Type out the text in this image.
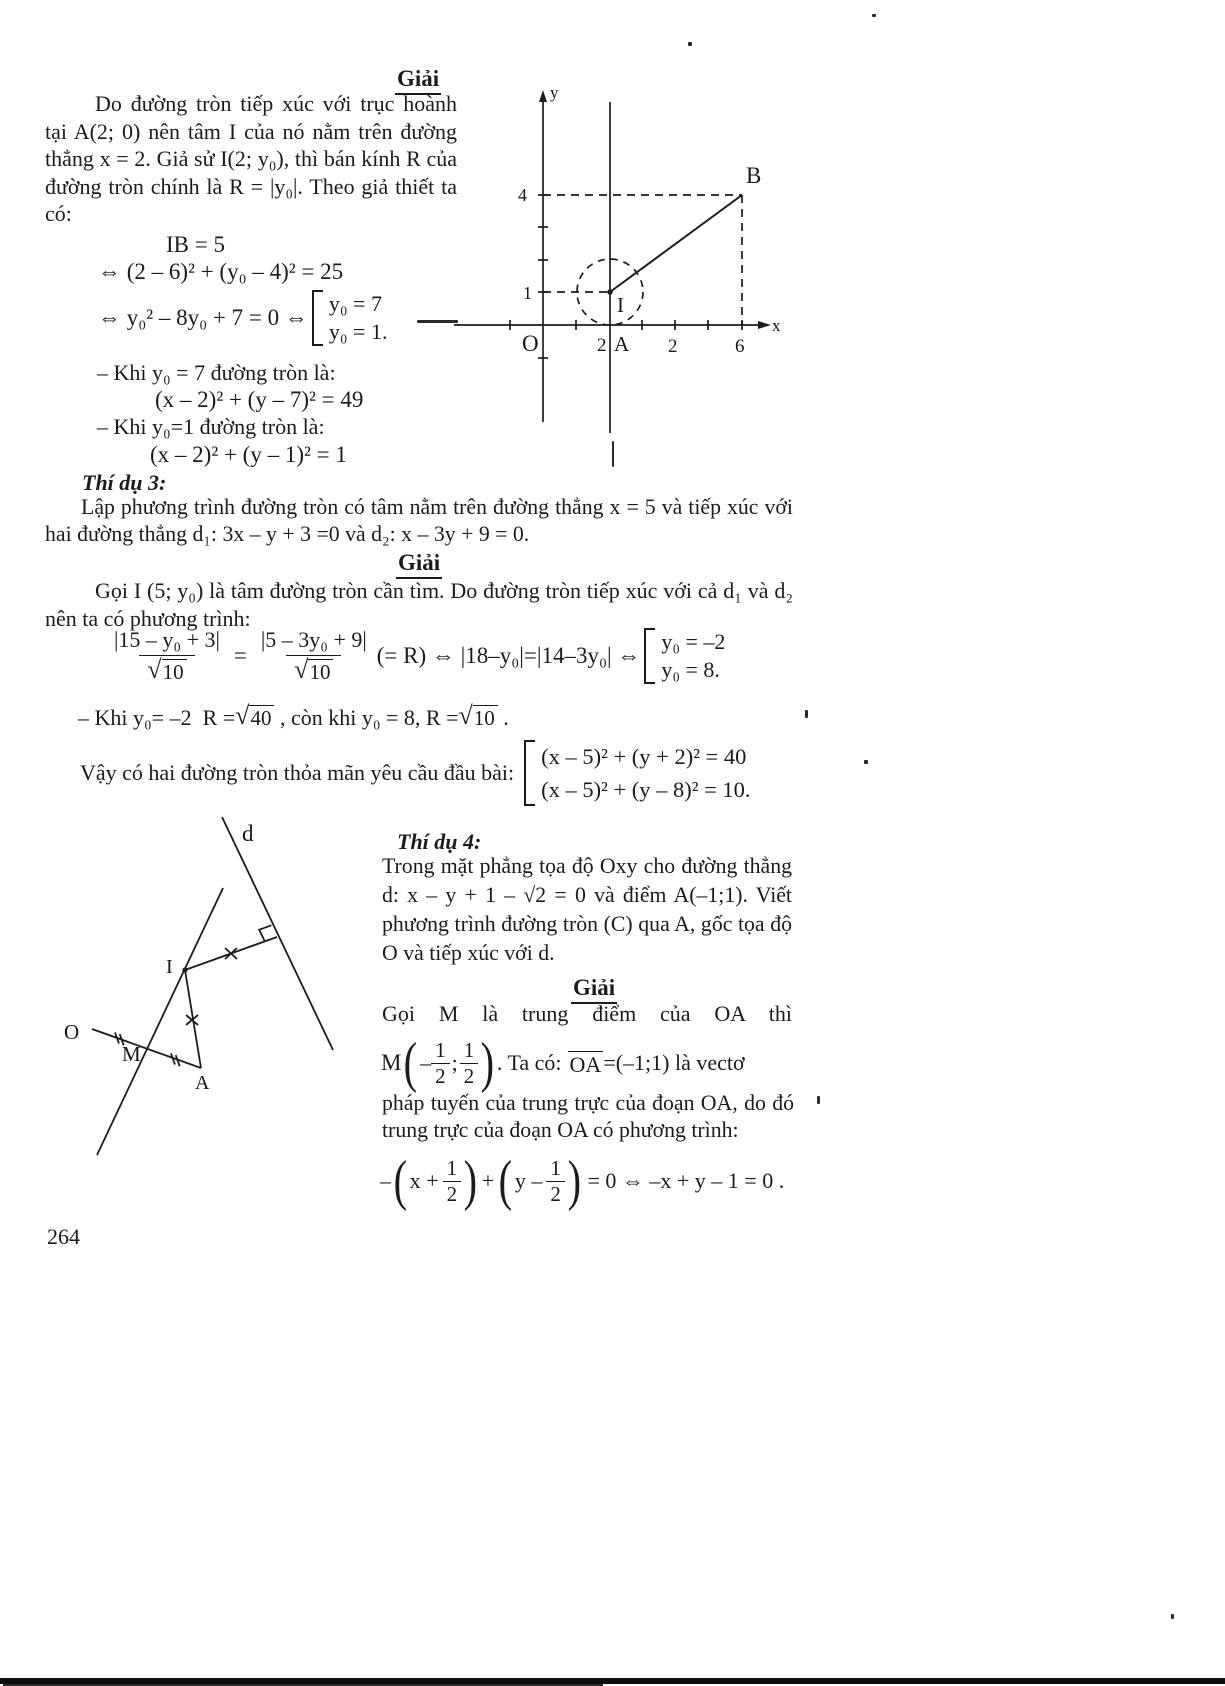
Giải
Do đường tròn tiếp xúc với trục hoành tại A(2; 0) nên tâm I của nó nằm trên đường thẳng x = 2. Giả sử I(2; y₀), thì bán kính R của đường tròn chính là R = |y₀|. Theo giả thiết ta có:
IB = 5
⇔ (2 – 6)² + (y₀ – 4)² = 25
⇔ y₀² – 8y₀ + 7 = 0 ⇔
y₀ = 7
y₀ = 1.
– Khi y₀ = 7 đường tròn là:
(x – 2)² + (y – 7)² = 49
– Khi y₀=1 đường tròn là:
(x – 2)² + (y – 1)² = 1
y
x
O
4
1
2 A 2	6
B
I
Thí dụ 3:
Lập phương trình đường tròn có tâm nằm trên đường thẳng x = 5 và tiếp xúc với hai đường thẳng d₁: 3x – y + 3 =0 và d₂: x – 3y + 9 = 0.
Giải
Gọi I (5; y₀) là tâm đường tròn cần tìm. Do đường tròn tiếp xúc với cả d₁ và d₂ nên ta có phương trình:
$\frac{\text{|15 – y₀ + 3|}}{√ 10} = \frac{\text{|5 – 3y₀ + 9|}}{√ 10}$ (= R) ⇔ |18–y₀|=|14–3y₀| ⇔
y₀ = –2
y₀ = 8.
– Khi y₀= –2  R = √ 40 , còn khi y₀ = 8, R = √ 10 .
Vậy có hai đường tròn thỏa mãn yêu cầu đầu bài:
(x – 5)² + (y + 2)² = 40
(x – 5)² + (y – 8)² = 10.
d
I
O
M
A
Thí dụ 4:
Trong mặt phẳng tọa độ Oxy cho đường thẳng d: x – y + 1 – √2 = 0 và điểm A(–1;1). Viết phương trình đường tròn (C) qua A, gốc tọa độ O và tiếp xúc với d.
Giải
Gọi M là trung điểm của OA thì
M ( – $\frac{1}{2}$ ; $\frac{1}{2}$ ) . Ta có: OA =(–1;1) là vectơ
pháp tuyến của trung trực của đoạn OA, do đó trung trực của đoạn OA có phương trình:
– ( $x + \frac{1}{2}$ ) + ( y – $\frac{1}{2}$ ) = 0 ⇔ –x + y – 1 = 0 .
264
